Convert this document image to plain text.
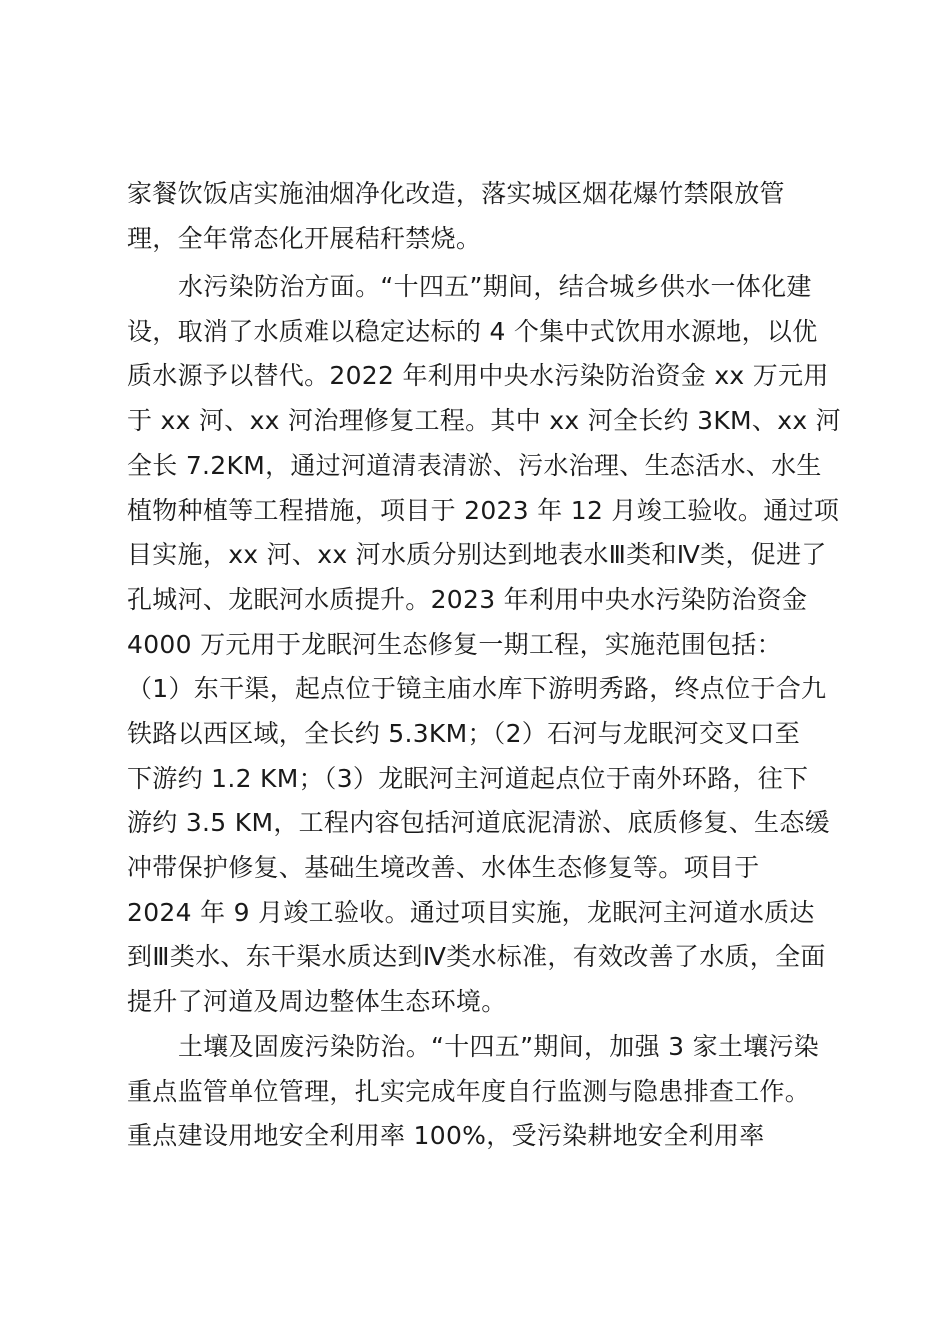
家餐饮饭店实施油烟净化改造，落实城区烟花爆竹禁限放管

理，全年常态化开展秸秆禁烧。

水污染防治方面。“十四五”期间，结合城乡供水一体化建

设，取消了水质难以稳定达标的 4 个集中式饮用水源地，以优

质水源予以替代。2022 年利用中央水污染防治资金 xx 万元用

于 xx 河、xx 河治理修复工程。其中 xx 河全长约 3KM、xx 河

全长 7.2KM，通过河道清表清淤、污水治理、生态活水、水生

植物种植等工程措施，项目于 2023 年 12 月竣工验收。通过项

目实施，xx 河、xx 河水质分别达到地表水Ⅲ类和Ⅳ类，促进了

孔城河、龙眠河水质提升。2023 年利用中央水污染防治资金

4000 万元用于龙眠河生态修复一期工程，实施范围包括：

（1）东干渠，起点位于镜主庙水库下游明秀路，终点位于合九

铁路以西区域，全长约 5.3KM；（2）石河与龙眠河交叉口至

下游约 1.2 KM；（3）龙眠河主河道起点位于南外环路，往下

游约 3.5 KM，工程内容包括河道底泥清淤、底质修复、生态缓

冲带保护修复、基础生境改善、水体生态修复等。项目于

2024 年 9 月竣工验收。通过项目实施，龙眠河主河道水质达

到Ⅲ类水、东干渠水质达到Ⅳ类水标准，有效改善了水质，全面

提升了河道及周边整体生态环境。

土壤及固废污染防治。“十四五”期间，加强 3 家土壤污染

重点监管单位管理，扎实完成年度自行监测与隐患排查工作。

重点建设用地安全利用率 100%，受污染耕地安全利用率
